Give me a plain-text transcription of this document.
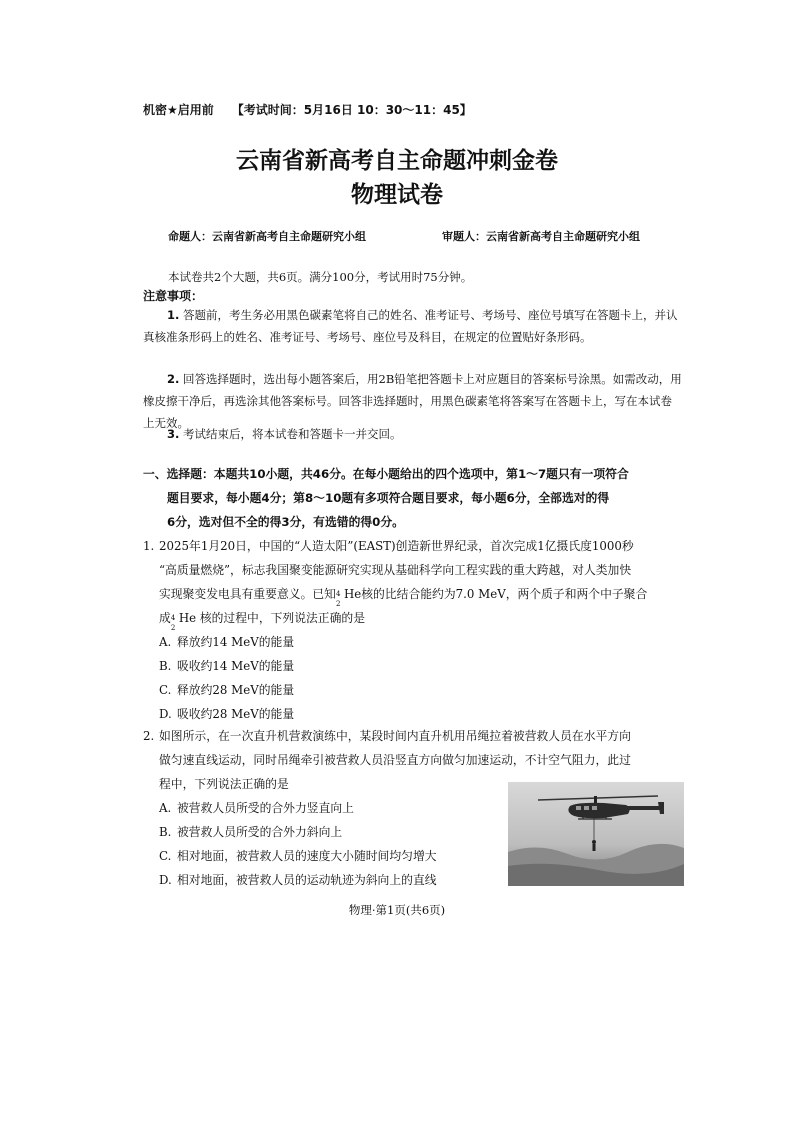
机密★启用前 【考试时间：5月16日 10：30～11：45】
云南省新高考自主命题冲刺金卷
物理试卷
命题人：云南省新高考自主命题研究小组	审题人：云南省新高考自主命题研究小组
本试卷共2个大题，共6页。满分100分，考试用时75分钟。
注意事项：
1. 答题前，考生务必用黑色碳素笔将自己的姓名、准考证号、考场号、座位号填写在答题卡上，并认真核准条形码上的姓名、准考证号、考场号、座位号及科目，在规定的位置贴好条形码。
2. 回答选择题时，选出每小题答案后，用2B铅笔把答题卡上对应题目的答案标号涂黑。如需改动，用橡皮擦干净后，再选涂其他答案标号。回答非选择题时，用黑色碳素笔将答案写在答题卡上，写在本试卷上无效。
3. 考试结束后，将本试卷和答题卡一并交回。
一、选择题：本题共10小题，共46分。在每小题给出的四个选项中，第1～7题只有一项符合
题目要求，每小题4分；第8～10题有多项符合题目要求，每小题6分，全部选对的得
6分，选对但不全的得3分，有选错的得0分。
1. 2025年1月20日，中国的“人造太阳”(EAST)创造新世界纪录，首次完成1亿摄氏度1000秒
“高质量燃烧”，标志我国聚变能源研究实现从基础科学向工程实践的重大跨越，对人类加快
实现聚变发电具有重要意义。已知 4
2
He核的比结合能约为7.0 MeV，两个质子和两个中子聚合
成 4
2
He 核的过程中，下列说法正确的是
A. 释放约14 MeV的能量
B. 吸收约14 MeV的能量
C. 释放约28 MeV的能量
D. 吸收约28 MeV的能量
2. 如图所示，在一次直升机营救演练中，某段时间内直升机用吊绳拉着被营救人员在水平方向
做匀速直线运动，同时吊绳牵引被营救人员沿竖直方向做匀加速运动，不计空气阻力，此过
程中，下列说法正确的是
A. 被营救人员所受的合外力竖直向上
B. 被营救人员所受的合外力斜向上
C. 相对地面，被营救人员的速度大小随时间均匀增大
D. 相对地面，被营救人员的运动轨迹为斜向上的直线
物理·第1页(共6页)
